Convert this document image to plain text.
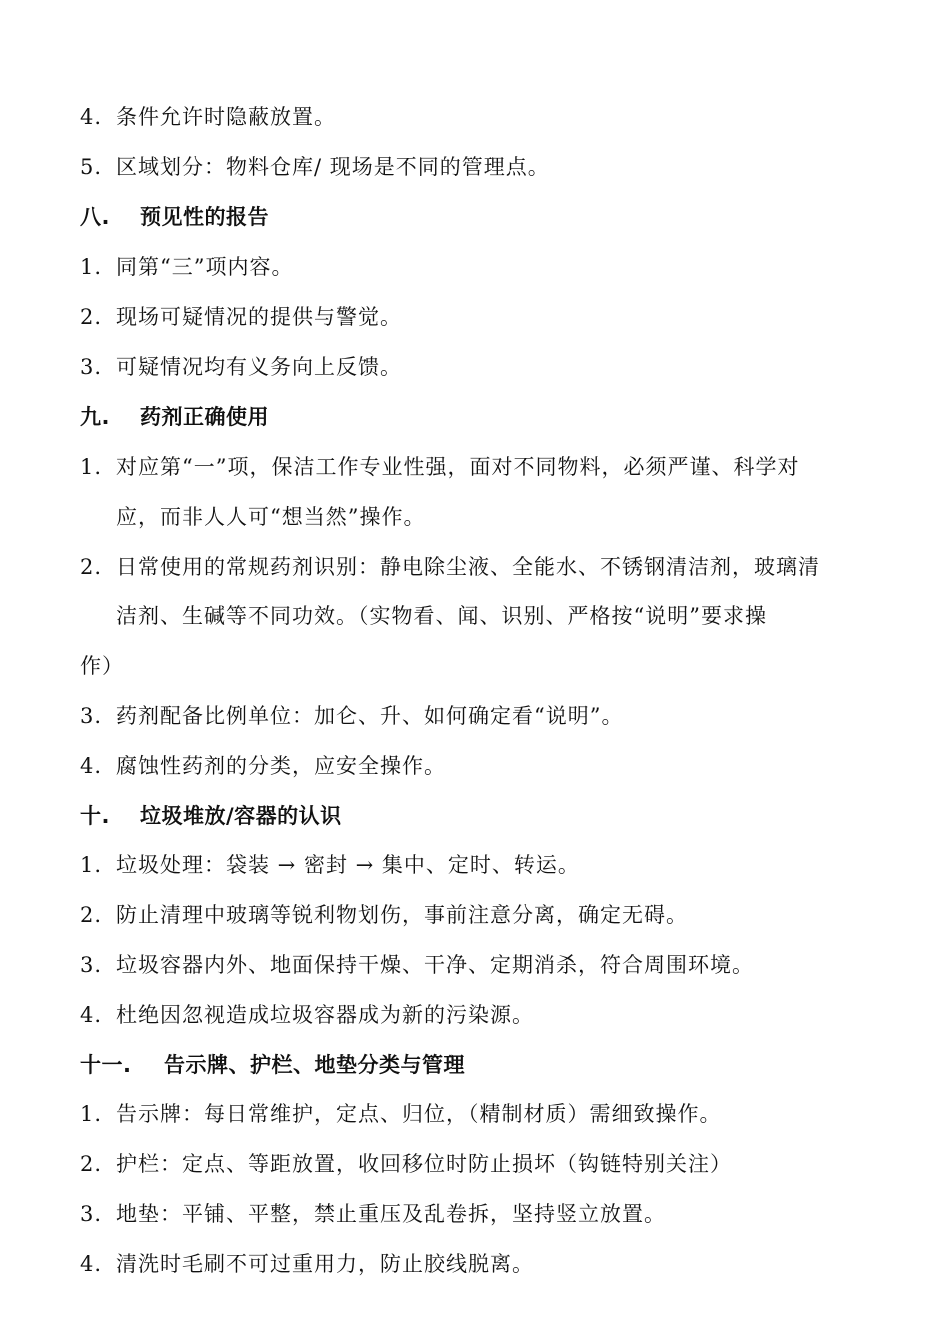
4. 条件允许时隐蔽放置。
5. 区域划分：物料仓库/ 现场是不同的管理点。
八. 预见性的报告
1. 同第“三”项内容。
2. 现场可疑情况的提供与警觉。
3. 可疑情况均有义务向上反馈。
九. 药剂正确使用
1. 对应第“一”项，保洁工作专业性强，面对不同物料，必须严谨、科学对
应，而非人人可“想当然”操作。
2. 日常使用的常规药剂识别：静电除尘液、全能水、不锈钢清洁剂，玻璃清
洁剂、生碱等不同功效。（实物看、闻、识别、严格按“说明”要求操
作）
3. 药剂配备比例单位：加仑、升、如何确定看“说明”。
4. 腐蚀性药剂的分类，应安全操作。
十. 垃圾堆放/容器的认识
1. 垃圾处理：袋装 → 密封 → 集中、定时、转运。
2. 防止清理中玻璃等锐利物划伤，事前注意分离，确定无碍。
3. 垃圾容器内外、地面保持干燥、干净、定期消杀，符合周围环境。
4. 杜绝因忽视造成垃圾容器成为新的污染源。
十一. 告示牌、护栏、地垫分类与管理
1. 告示牌：每日常维护，定点、归位，（精制材质）需细致操作。
2. 护栏：定点、等距放置，收回移位时防止损坏（钩链特别关注）
3. 地垫：平铺、平整，禁止重压及乱卷拆，坚持竖立放置。
4. 清洗时毛刷不可过重用力，防止胶线脱离。
